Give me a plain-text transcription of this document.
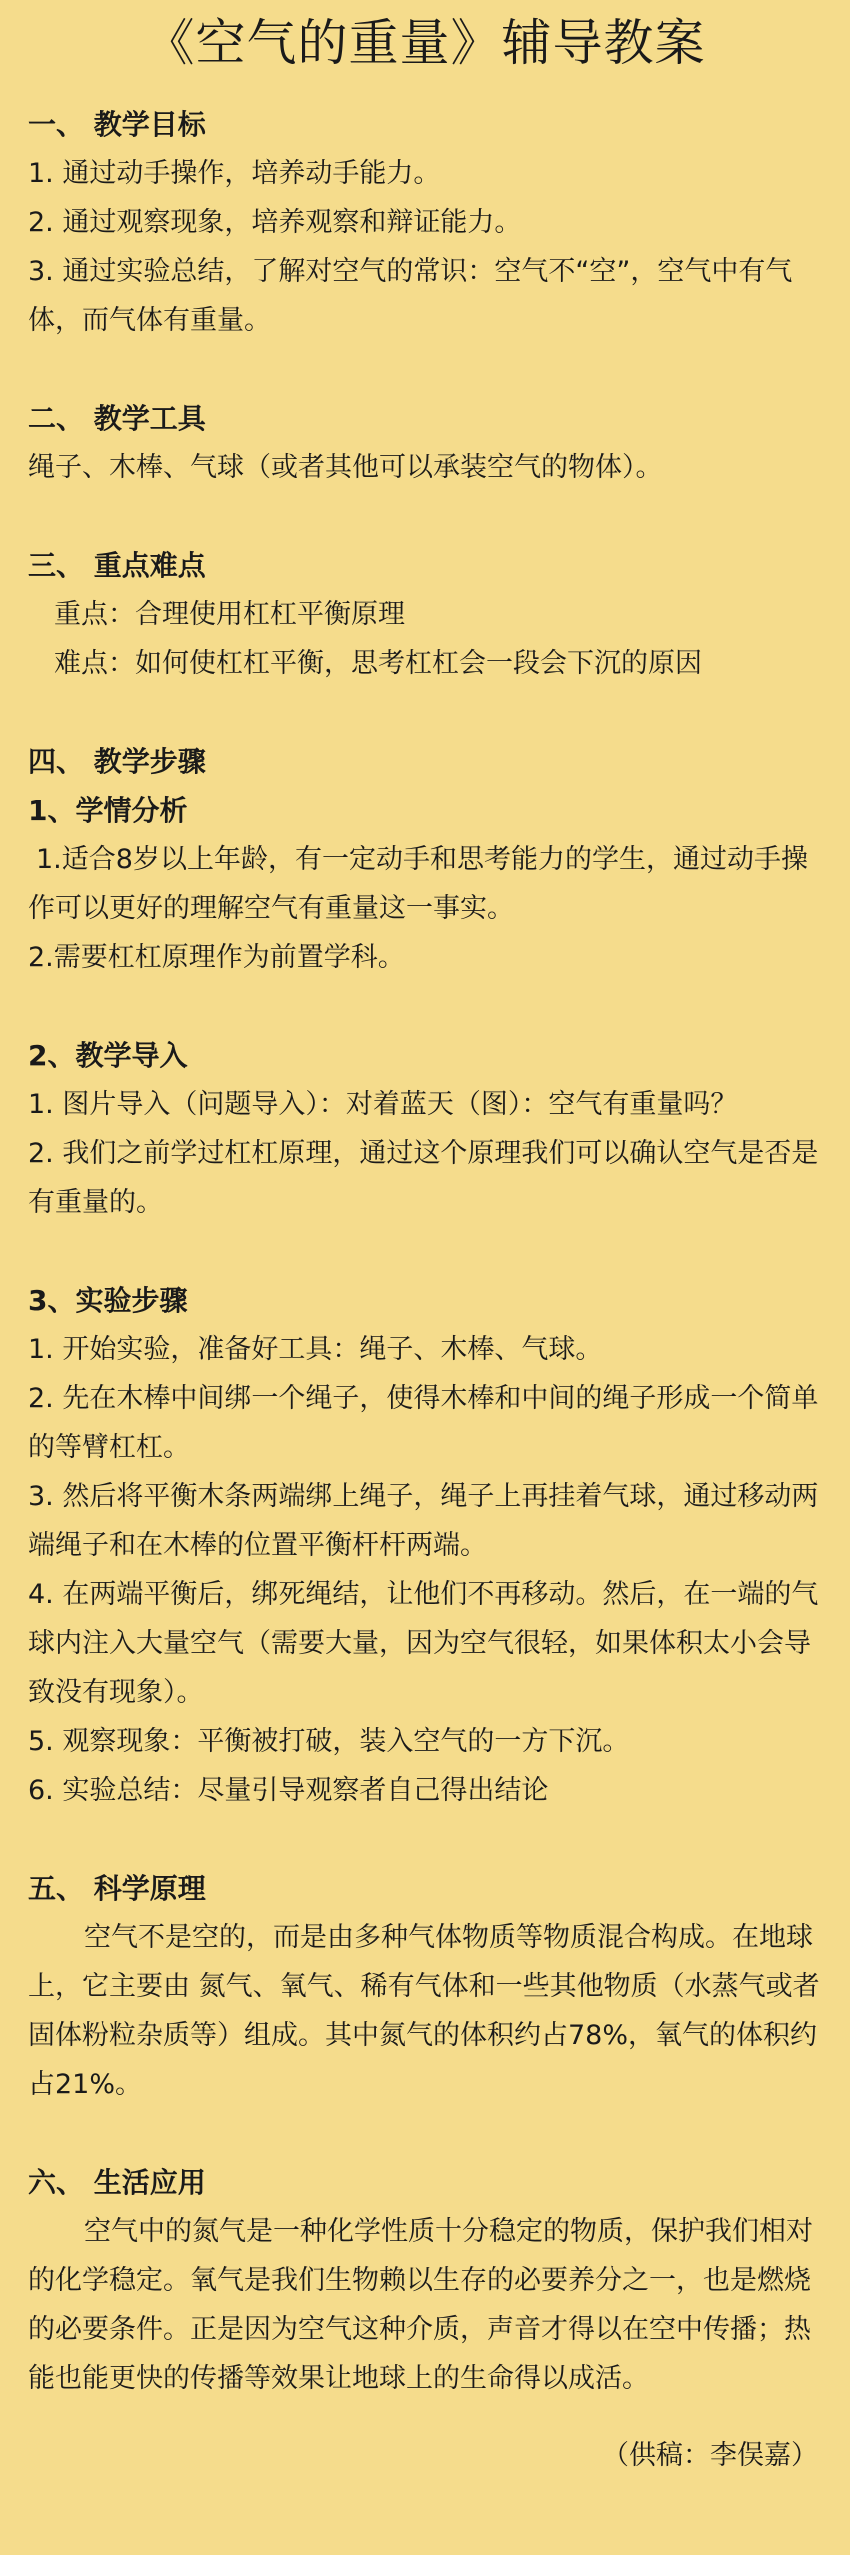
《空气的重量》辅导教案
一、 教学目标

1. 通过动手操作，培养动手能力。

2. 通过观察现象，培养观察和辩证能力。

3. 通过实验总结，了解对空气的常识：空气不“空”，空气中有气体，而气体有重量。

二、 教学工具

绳子、木棒、气球（或者其他可以承装空气的物体）。

三、 重点难点

重点：合理使用杠杠平衡原理

难点：如何使杠杠平衡，思考杠杠会一段会下沉的原因

四、 教学步骤
1、学情分析

1.适合8岁以上年龄，有一定动手和思考能力的学生，通过动手操作可以更好的理解空气有重量这一事实。

2.需要杠杠原理作为前置学科。

2、教学导入

1. 图片导入（问题导入）：对着蓝天（图）：空气有重量吗？

2. 我们之前学过杠杠原理，通过这个原理我们可以确认空气是否是有重量的。

3、实验步骤

1. 开始实验，准备好工具：绳子、木棒、气球。

2. 先在木棒中间绑一个绳子，使得木棒和中间的绳子形成一个简单的等臂杠杠。

3. 然后将平衡木条两端绑上绳子，绳子上再挂着气球，通过移动两端绳子和在木棒的位置平衡杆杆两端。

4. 在两端平衡后，绑死绳结，让他们不再移动。然后，在一端的气球内注入大量空气（需要大量，因为空气很轻，如果体积太小会导致没有现象）。

5. 观察现象：平衡被打破，装入空气的一方下沉。

6. 实验总结：尽量引导观察者自己得出结论

五、 科学原理

空气不是空的，而是由多种气体物质等物质混合构成。在地球上，它主要由 氮气、氧气、稀有气体和一些其他物质（水蒸气或者固体粉粒杂质等）组成。其中氮气的体积约占78%，氧气的体积约占21%。

六、 生活应用

空气中的氮气是一种化学性质十分稳定的物质，保护我们相对的化学稳定。氧气是我们生物赖以生存的必要养分之一，也是燃烧的必要条件。正是因为空气这种介质，声音才得以在空中传播；热能也能更快的传播等效果让地球上的生命得以成活。

（供稿：李俣嘉）
